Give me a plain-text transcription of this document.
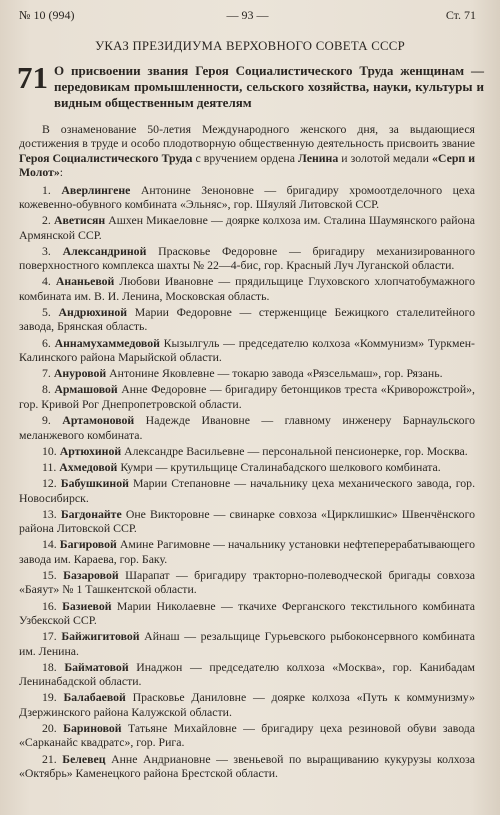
№ 10 (994)	— 93 —	Ст. 71
УКАЗ ПРЕЗИДИУМА ВЕРХОВНОГО СОВЕТА СССР
71 О присвоении звания Героя Социалистического Труда женщинам — передовикам промышленности, сельского хозяйства, науки, культуры и видным общественным деятелям

В ознаменование 50-летия Международного женского дня, за выдающиеся достижения в труде и особо плодотворную общественную деятельность присвоить звание Героя Социалистического Труда с вручением ордена Ленина и золотой медали «Серп и Молот»:

1. Аверлингене Антонине Зеноновне — бригадиру хромоотделочного цеха кожевенно-обувного комбината «Эльняс», гор. Шяуляй Литовской ССР.

2. Аветисян Ашхен Микаеловне — доярке колхоза им. Сталина Шаумянского района Армянской ССР.

3. Александриной Прасковье Федоровне — бригадиру механизированного поверхностного комплекса шахты № 22—4-бис, гор. Красный Луч Луганской области.

4. Ананьевой Любови Ивановне — прядильщице Глуховского хлопчатобумажного комбината им. В. И. Ленина, Московская область.

5. Андрюхиной Марии Федоровне — стерженщице Бежицкого сталелитейного завода, Брянская область.

6. Аннамухаммедовой Кызылгуль — председателю колхоза «Коммунизм» Туркмен-Калинского района Марыйской области.

7. Ануровой Антонине Яковлевне — токарю завода «Рязсельмаш», гор. Рязань.

8. Армашовой Анне Федоровне — бригадиру бетонщиков треста «Криворожстрой», гор. Кривой Рог Днепропетровской области.

9. Артамоновой Надежде Ивановне — главному инженеру Барнаульского меланжевого комбината.

10. Артюхиной Александре Васильевне — персональной пенсионерке, гор. Москва.

11. Ахмедовой Кумри — крутильщице Сталинабадского шелкового комбината.

12. Бабушкиной Марии Степановне — начальнику цеха механического завода, гор. Новосибирск.

13. Багдонайте Оне Викторовне — свинарке совхоза «Цирклишкис» Швенчёнского района Литовской ССР.

14. Багировой Амине Рагимовне — начальнику установки нефтеперерабатывающего завода им. Караева, гор. Баку.

15. Базаровой Шарапат — бригадиру тракторно-полеводческой бригады совхоза «Баяут» № 1 Ташкентской области.

16. Базиевой Марии Николаевне — ткачихе Ферганского текстильного комбината Узбекской ССР.

17. Байжигитовой Айнаш — резальщице Гурьевского рыбоконсервного комбината им. Ленина.

18. Байматовой Инаджон — председателю колхоза «Москва», гор. Канибадам Ленинабадской области.

19. Балабаевой Прасковье Даниловне — доярке колхоза «Путь к коммунизму» Дзержинского района Калужской области.

20. Бариновой Татьяне Михайловне — бригадиру цеха резиновой обуви завода «Сарканайс квадратс», гор. Рига.

21. Белевец Анне Андриановне — звеньевой по выращиванию кукурузы колхоза «Октябрь» Каменецкого района Брестской области.
